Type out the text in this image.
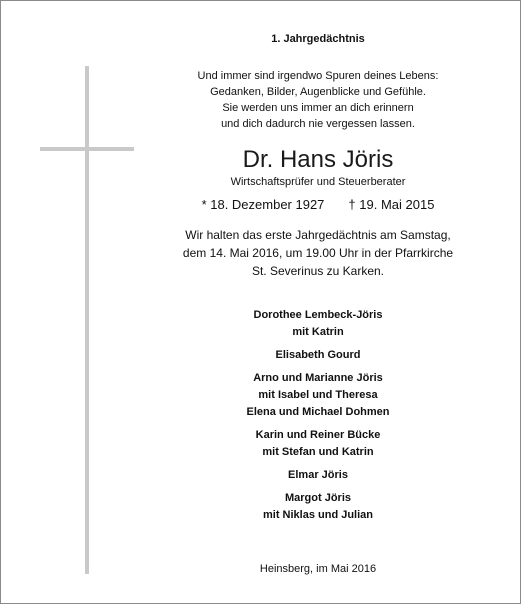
1. Jahrgedächtnis
Und immer sind irgendwo Spuren deines Lebens:
Gedanken, Bilder, Augenblicke und Gefühle.
Sie werden uns immer an dich erinnern
und dich dadurch nie vergessen lassen.
Dr. Hans Jöris
Wirtschaftsprüfer und Steuerberater
* 18. Dezember 1927 † 19. Mai 2015
Wir halten das erste Jahrgedächtnis am Samstag,
dem 14. Mai 2016, um 19.00 Uhr in der Pfarrkirche
St. Severinus zu Karken.
Dorothee Lembeck-Jöris
mit Katrin
Elisabeth Gourd
Arno und Marianne Jöris
mit Isabel und Theresa
Elena und Michael Dohmen
Karin und Reiner Bücke
mit Stefan und Katrin
Elmar Jöris
Margot Jöris
mit Niklas und Julian
Heinsberg, im Mai 2016
